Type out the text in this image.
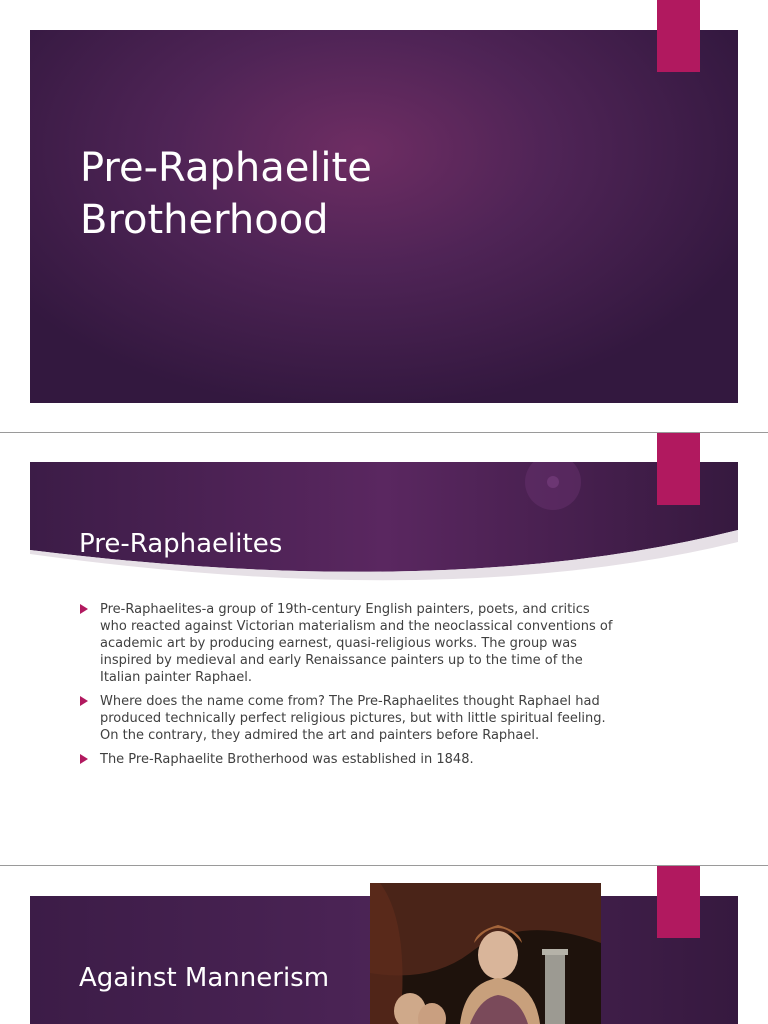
Pre-Raphaelite
Brotherhood
Pre-Raphaelites
Pre-Raphaelites-a group of 19th-century English painters, poets, and critics who reacted against Victorian materialism and the neoclassical conventions of academic art by producing earnest, quasi-religious works. The group was inspired by medieval and early Renaissance painters up to the time of the Italian painter Raphael.
Where does the name come from? The Pre-Raphaelites thought Raphael had produced technically perfect religious pictures, but with little spiritual feeling. On the contrary, they admired the art and painters before Raphael.
The Pre-Raphaelite Brotherhood was established in 1848.
Against Mannerism
